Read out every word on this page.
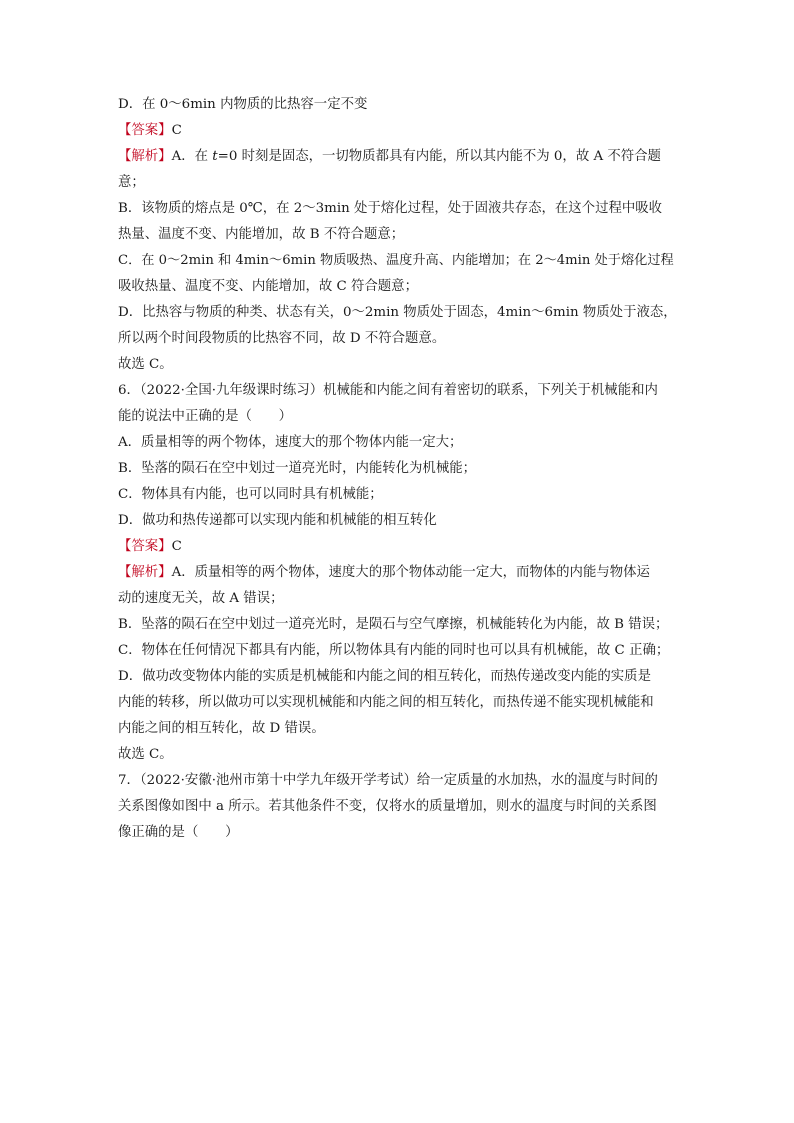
D．在 0～6min 内物质的比热容一定不变
【答案】C
【解析】A．在 t=0 时刻是固态，一切物质都具有内能，所以其内能不为 0，故 A 不符合题
意；
B．该物质的熔点是 0℃，在 2～3min 处于熔化过程，处于固液共存态，在这个过程中吸收
热量、温度不变、内能增加，故 B 不符合题意；
C．在 0～2min 和 4min～6min 物质吸热、温度升高、内能增加；在 2～4min 处于熔化过程
吸收热量、温度不变、内能增加，故 C 符合题意；
D．比热容与物质的种类、状态有关，0～2min 物质处于固态，4min～6min 物质处于液态，
所以两个时间段物质的比热容不同，故 D 不符合题意。
故选 C。
6．（2022·全国·九年级课时练习）机械能和内能之间有着密切的联系，下列关于机械能和内
能的说法中正确的是（　　）
A．质量相等的两个物体，速度大的那个物体内能一定大；
B．坠落的陨石在空中划过一道亮光时，内能转化为机械能；
C．物体具有内能，也可以同时具有机械能；
D．做功和热传递都可以实现内能和机械能的相互转化
【答案】C
【解析】A．质量相等的两个物体，速度大的那个物体动能一定大，而物体的内能与物体运
动的速度无关，故 A 错误；
B．坠落的陨石在空中划过一道亮光时，是陨石与空气摩擦，机械能转化为内能，故 B 错误；
C．物体在任何情况下都具有内能，所以物体具有内能的同时也可以具有机械能，故 C 正确；
D．做功改变物体内能的实质是机械能和内能之间的相互转化，而热传递改变内能的实质是
内能的转移，所以做功可以实现机械能和内能之间的相互转化，而热传递不能实现机械能和
内能之间的相互转化，故 D 错误。
故选 C。
7．（2022·安徽·池州市第十中学九年级开学考试）给一定质量的水加热，水的温度与时间的
关系图像如图中 a 所示。若其他条件不变，仅将水的质量增加，则水的温度与时间的关系图
像正确的是（　　）
